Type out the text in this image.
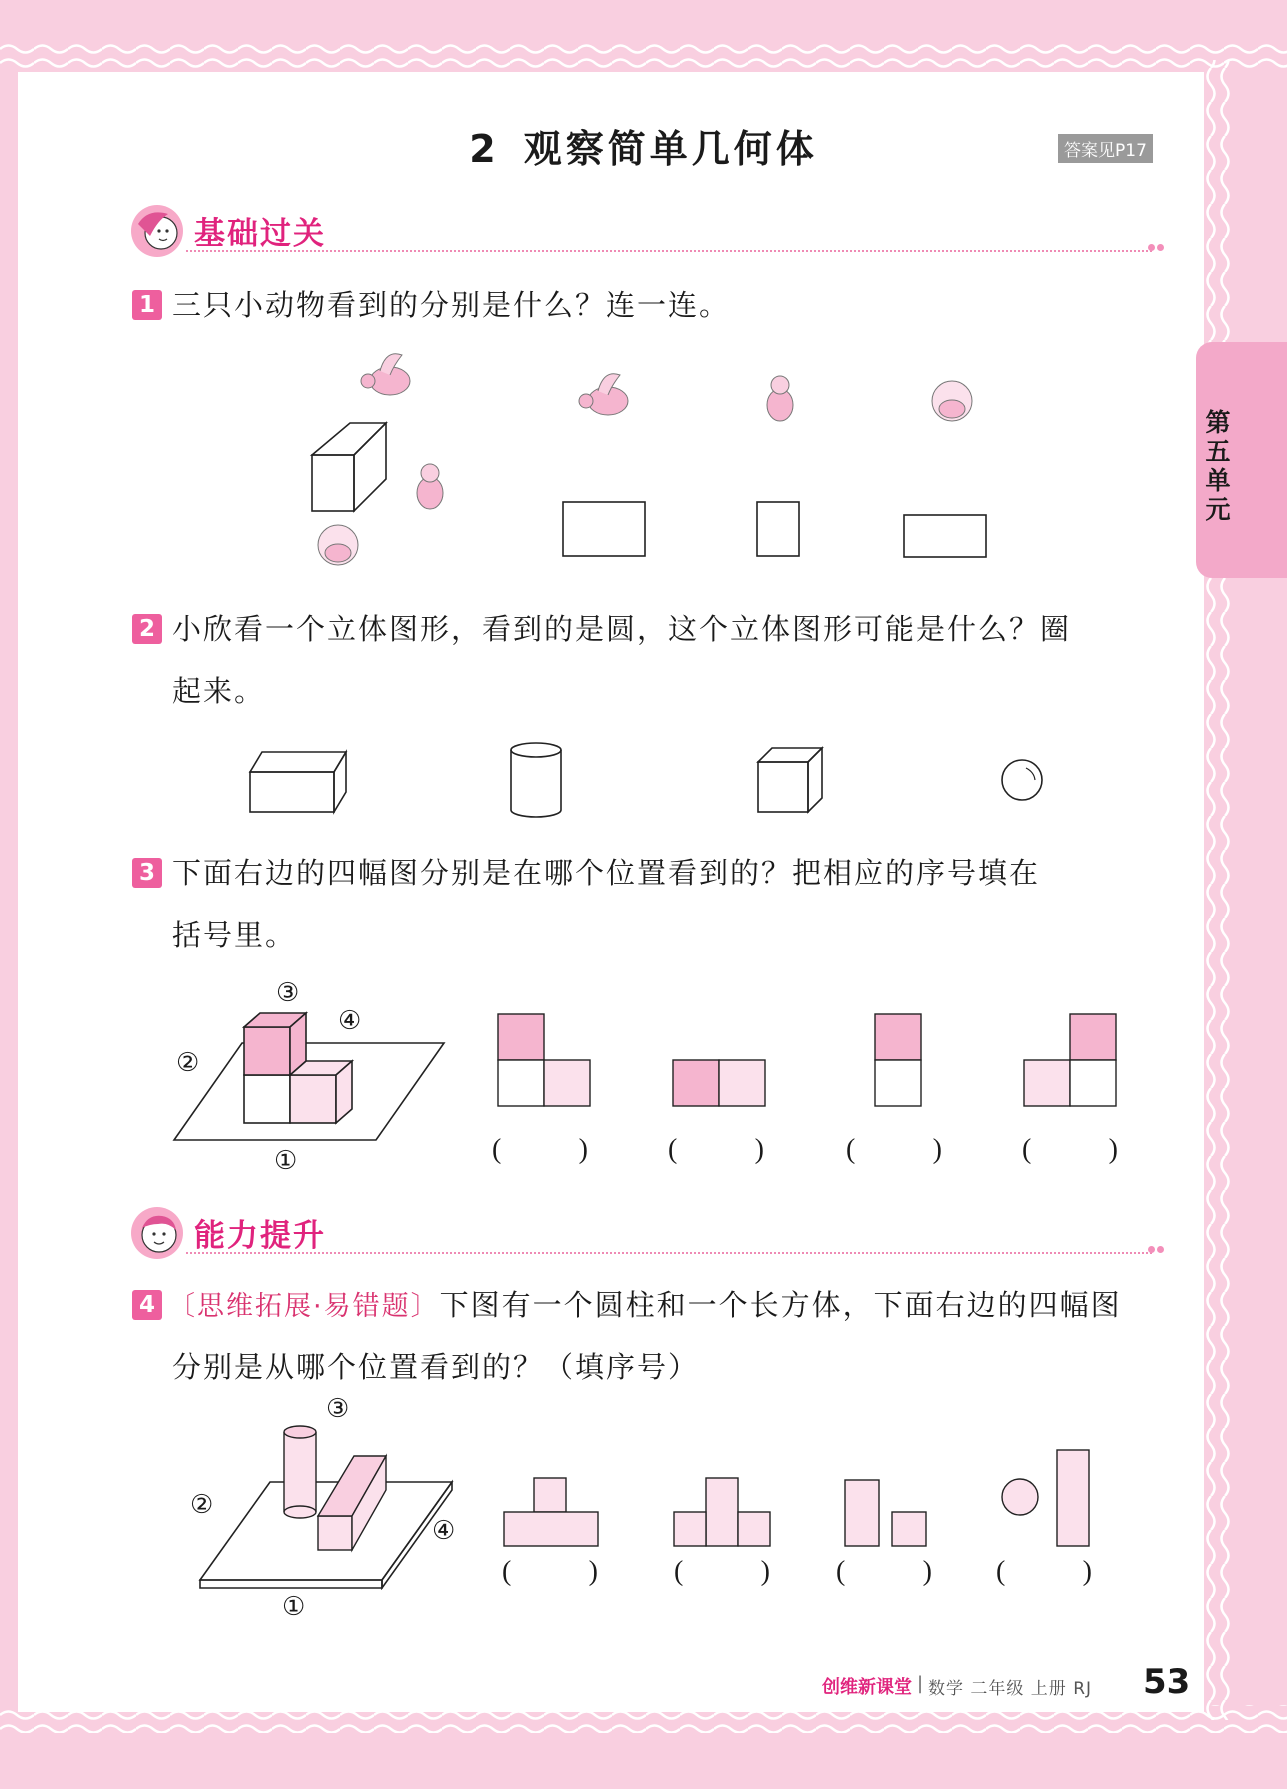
2 观察简单几何体	答案见P17
第五单元
基础过关
1 三只小动物看到的分别是什么？连一连。
2 小欣看一个立体图形，看到的是圆，这个立体图形可能是什么？圈
起来。
3 下面右边的四幅图分别是在哪个位置看到的？把相应的序号填在
括号里。
③
④
②
①	(	)	(	)	(	)	(	)
能力提升
4 〔思维拓展·易错题〕下图有一个圆柱和一个长方体，下面右边的四幅图
分别是从哪个位置看到的？（填序号）
③
②
④
①
(	)	(	) (	) (	)
创维新课堂 | 数学 二年级 上册 RJ 53
